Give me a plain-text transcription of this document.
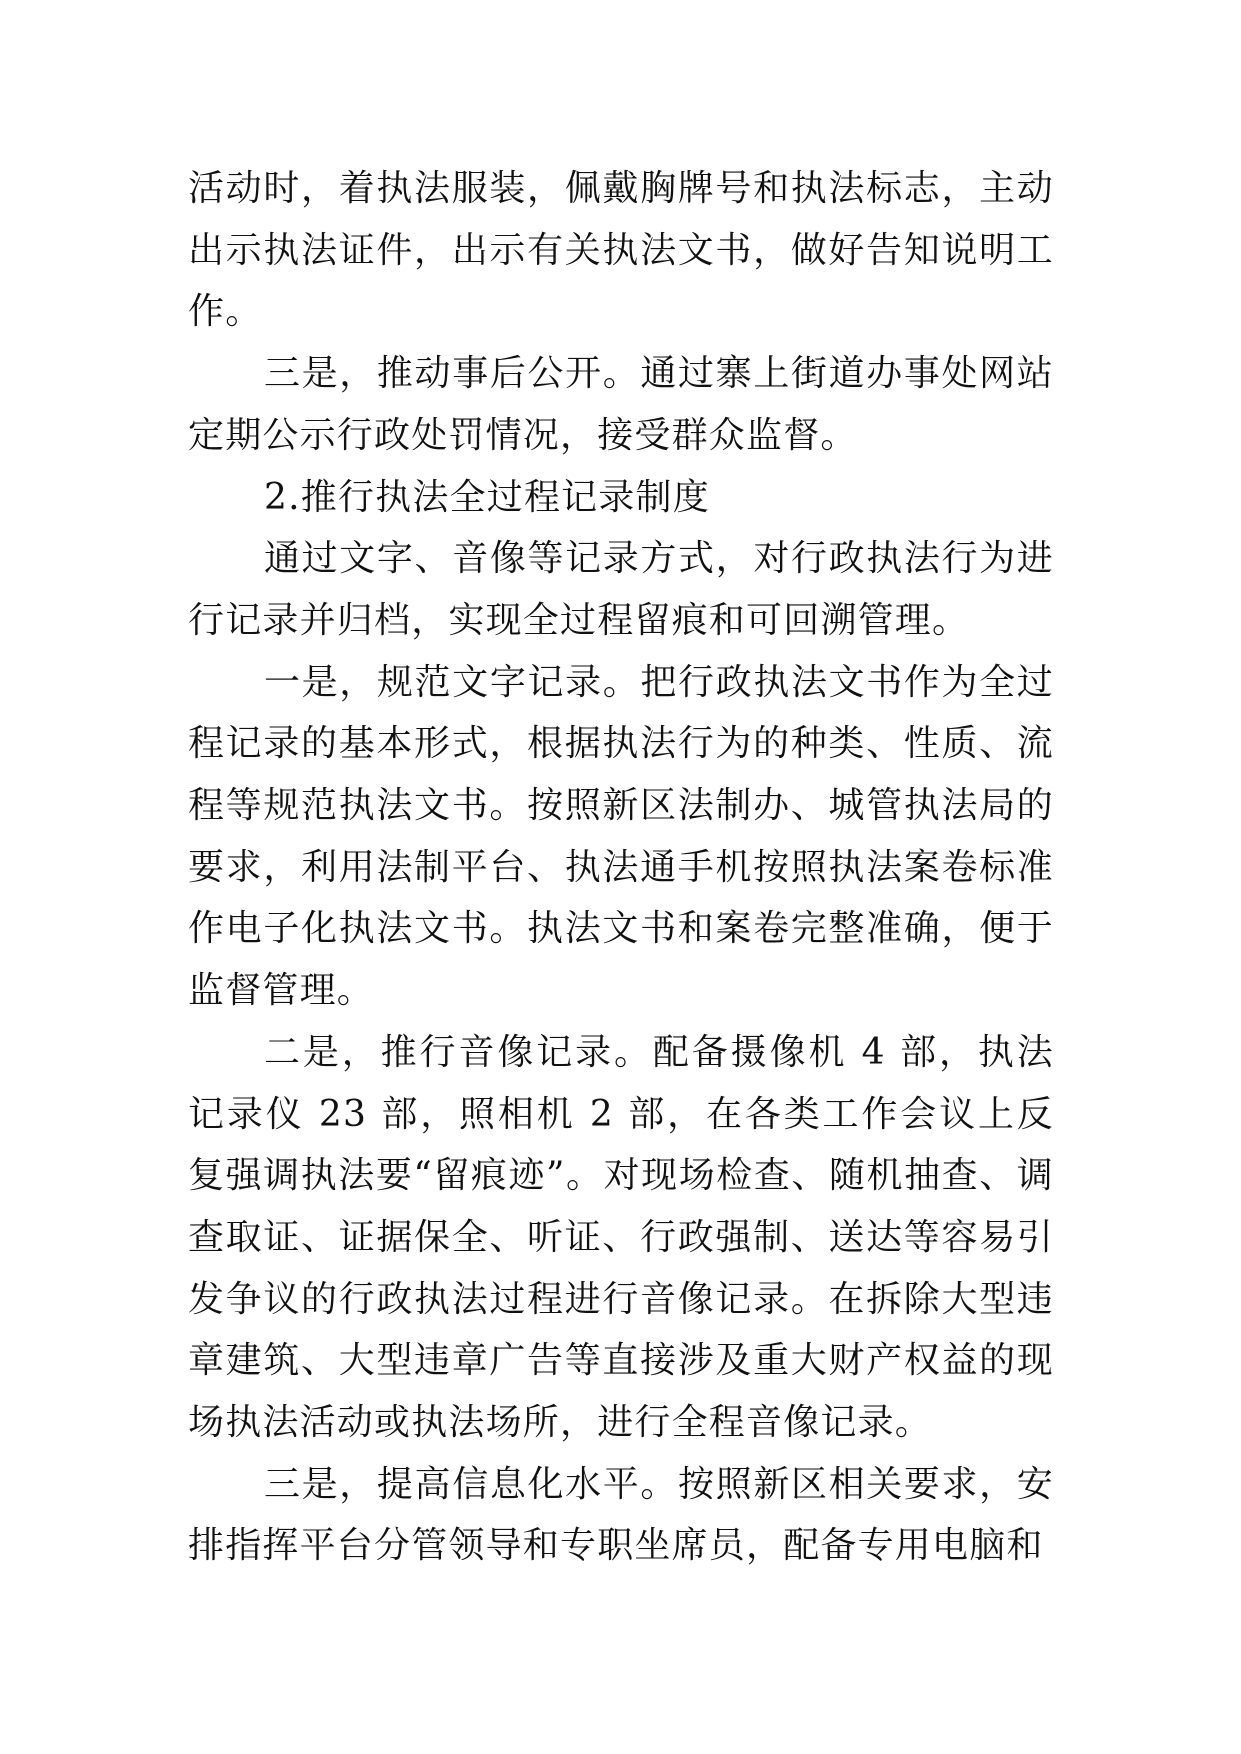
活动时，着执法服装，佩戴胸牌号和执法标志，主动出示执法证件，出示有关执法文书，做好告知说明工作。

三是，推动事后公开。通过寨上街道办事处网站定期公示行政处罚情况，接受群众监督。

2.推行执法全过程记录制度

通过文字、音像等记录方式，对行政执法行为进行记录并归档，实现全过程留痕和可回溯管理。

一是，规范文字记录。把行政执法文书作为全过程记录的基本形式，根据执法行为的种类、性质、流程等规范执法文书。按照新区法制办、城管执法局的要求，利用法制平台、执法通手机按照执法案卷标准作电子化执法文书。执法文书和案卷完整准确，便于监督管理。

二是，推行音像记录。配备摄像机 4 部，执法记录仪 23 部，照相机 2 部，在各类工作会议上反复强调执法要“留痕迹”。对现场检查、随机抽查、调查取证、证据保全、听证、行政强制、送达等容易引发争议的行政执法过程进行音像记录。在拆除大型违章建筑、大型违章广告等直接涉及重大财产权益的现场执法活动或执法场所，进行全程音像记录。

三是，提高信息化水平。按照新区相关要求，安排指挥平台分管领导和专职坐席员，配备专用电脑和
